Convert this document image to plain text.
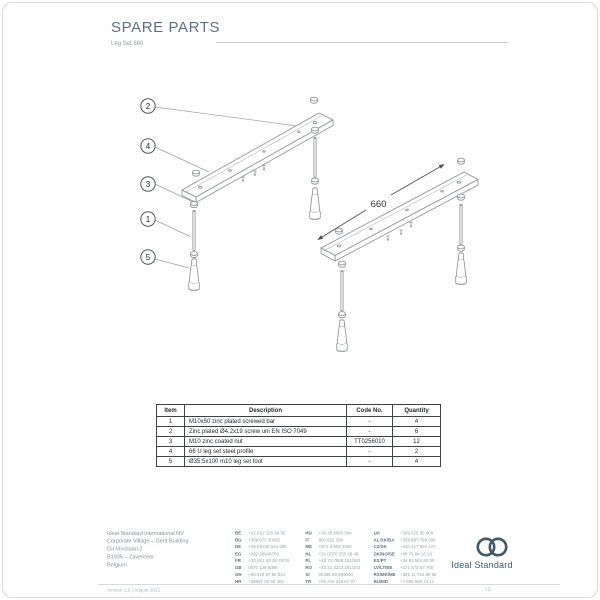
SPARE PARTS
Leg Set 660
660
2
4
3
1
5
Item	Description	Code No.	Quantity
1	M10x50 zinc plated screwed bar	-	4
2	Zinc plated Ø4.2x19 screw uni EN ISO 7049	-	6
3	M10 zinc coated nut	TT0256010	12
4	66 U leg set steel profile	-	2
5	Ø35,5x100 m10 leg set foot	-	4
Ideal Standard International NV
Corporate Village – Gent Building
Da Vincilaan 2
B1935 – Zaventem
Belgium
BE +32 (0)2 325 66 55
BG +359 675 30362
DE +49 (0)228 521 580
EG +202 26948700
FR +33 (0)1 49 38 28 00
GB 0870 129 6085
GR +30 210 67 80 810
HR +38591 02 66 304
HU +36 30 6993 594
IT 800 652 290
ME +971 4 804 2400
NL +31 (0)70 355 08 48
PL +48 71 7868 161/162
RO +40 21 3223 201/202
SI 00386 59 959040
TR +90 216 219 67 87
UA	+359 675 30 468
AL/XK/BA +359 887 799 696
CZ/SK +420 417 592 170
DK/NO/SE +45 75 84 16 10
ES/PT +34 93 561 80 00
LV/LT/EE +371 673 57 700
RS/MK/ME +381 11 712 80 58
RU/MD +7 495 669 23 11
Ideal Standard
Version 1.0 | August 2022	1|1
